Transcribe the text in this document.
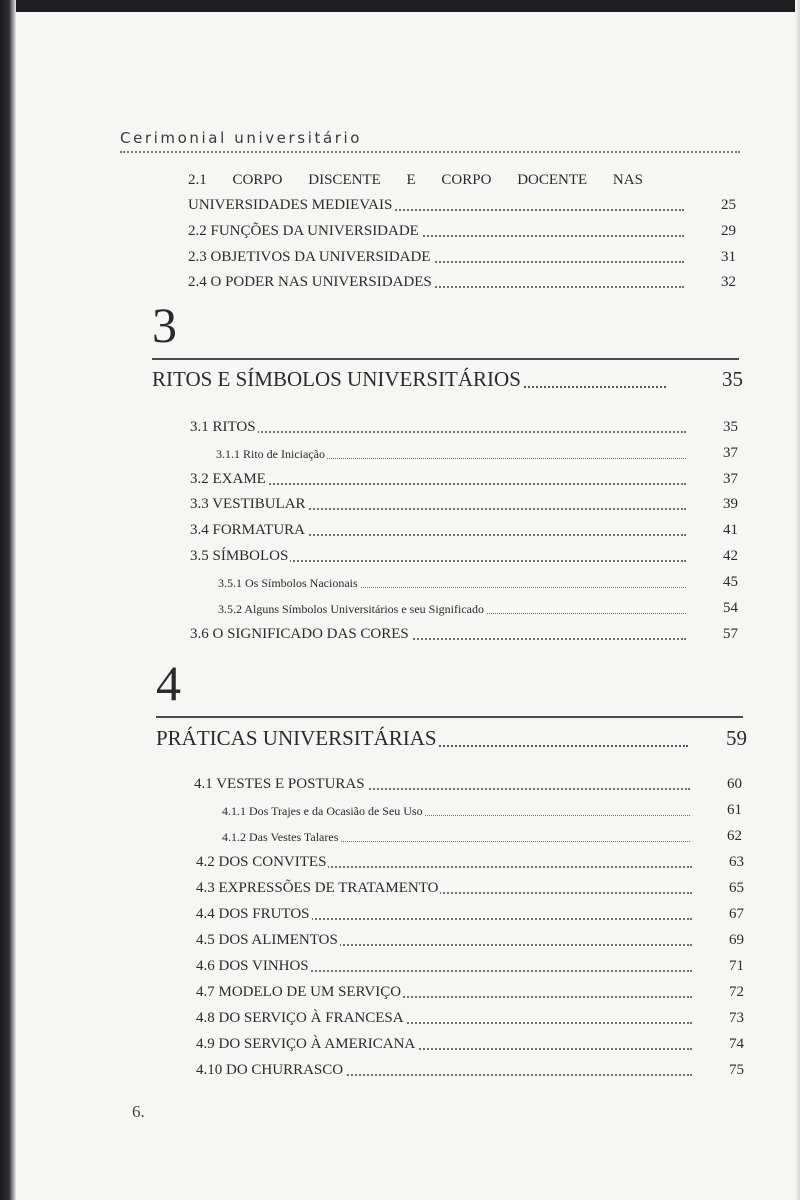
Cerimonial universitário
2.1 CORPO DISCENTE E CORPO DOCENTE NAS
UNIVERSIDADES MEDIEVAIS	25
2.2 FUNÇÕES DA UNIVERSIDADE	29
2.3 OBJETIVOS DA UNIVERSIDADE	31
2.4 O PODER NAS UNIVERSIDADES	32
3
RITOS E SÍMBOLOS UNIVERSITÁRIOS	35
3.1 RITOS	35
3.1.1 Rito de Iniciação	37
3.2 EXAME	37
3.3 VESTIBULAR	39
3.4 FORMATURA	41
3.5 SÍMBOLOS	42
3.5.1 Os Símbolos Nacionais	45
3.5.2 Alguns Símbolos Universitários e seu Significado	54
3.6 O SIGNIFICADO DAS CORES	57
4
PRÁTICAS UNIVERSITÁRIAS	59
4.1 VESTES E POSTURAS	60
4.1.1 Dos Trajes e da Ocasião de Seu Uso	61
4.1.2 Das Vestes Talares	62
4.2 DOS CONVITES	63
4.3 EXPRESSÕES DE TRATAMENTO	65
4.4 DOS FRUTOS	67
4.5 DOS ALIMENTOS	69
4.6 DOS VINHOS	71
4.7 MODELO DE UM SERVIÇO	72
4.8 DO SERVIÇO À FRANCESA	73
4.9 DO SERVIÇO À AMERICANA	74
4.10 DO CHURRASCO	75
6.
